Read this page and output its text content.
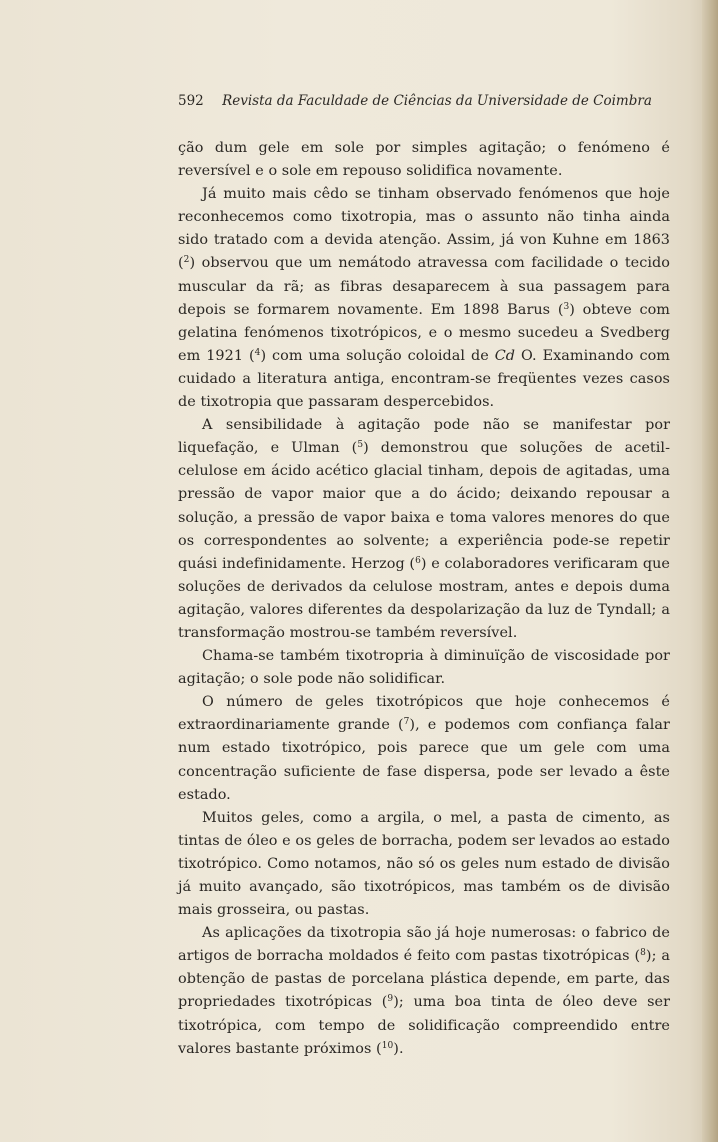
592 Revista da Faculdade de Ciências da Universidade de Coimbra

ção dum gele em sole por simples agitação; o fenómeno é reversível e o sole em repouso solidifica novamente.

Já muito mais cêdo se tinham observado fenómenos que hoje reconhecemos como tixotropia, mas o assunto não tinha ainda sido tratado com a devida atenção. Assim, já von Kuhne em 1863 ($^2$) observou que um nemátodo atravessa com facilidade o tecido muscular da rã; as fibras desaparecem à sua passagem para depois se formarem novamente. Em 1898 Barus ($^3$) obteve com gelatina fenómenos tixotrópicos, e o mesmo sucedeu a Svedberg em 1921 ($^4$) com uma solução coloidal de Cd O. Examinando com cuidado a literatura antiga, encontram-se freqüentes vezes casos de tixotropia que passaram despercebidos.

A sensibilidade à agitação pode não se manifestar por liquefação, e Ulman ($^5$) demonstrou que soluções de acetil-celulose em ácido acético glacial tinham, depois de agitadas, uma pressão de vapor maior que a do ácido; deixando repousar a solução, a pressão de vapor baixa e toma valores menores do que os correspondentes ao solvente; a experiência pode-se repetir quási indefinidamente. Herzog ($^6$) e colaboradores verificaram que soluções de derivados da celulose mostram, antes e depois duma agitação, valores diferentes da despolarização da luz de Tyndall; a transformação mostrou-se também reversível.

Chama-se também tixotropria à diminuïção de viscosidade por agitação; o sole pode não solidificar.

O número de geles tixotrópicos que hoje conhecemos é extraordinariamente grande ($^7$), e podemos com confiança falar num estado tixotrópico, pois parece que um gele com uma concentração suficiente de fase dispersa, pode ser levado a êste estado.

Muitos geles, como a argila, o mel, a pasta de cimento, as tintas de óleo e os geles de borracha, podem ser levados ao estado tixotrópico. Como notamos, não só os geles num estado de divisão já muito avançado, são tixotrópicos, mas também os de divisão mais grosseira, ou pastas.

As aplicações da tixotropia são já hoje numerosas: o fabrico de artigos de borracha moldados é feito com pastas tixotrópicas ($^8$); a obtenção de pastas de porcelana plástica depende, em parte, das propriedades tixotrópicas ($^9$); uma boa tinta de óleo deve ser tixotrópica, com tempo de solidificação compreendido entre valores bastante próximos ($^{10}$).
